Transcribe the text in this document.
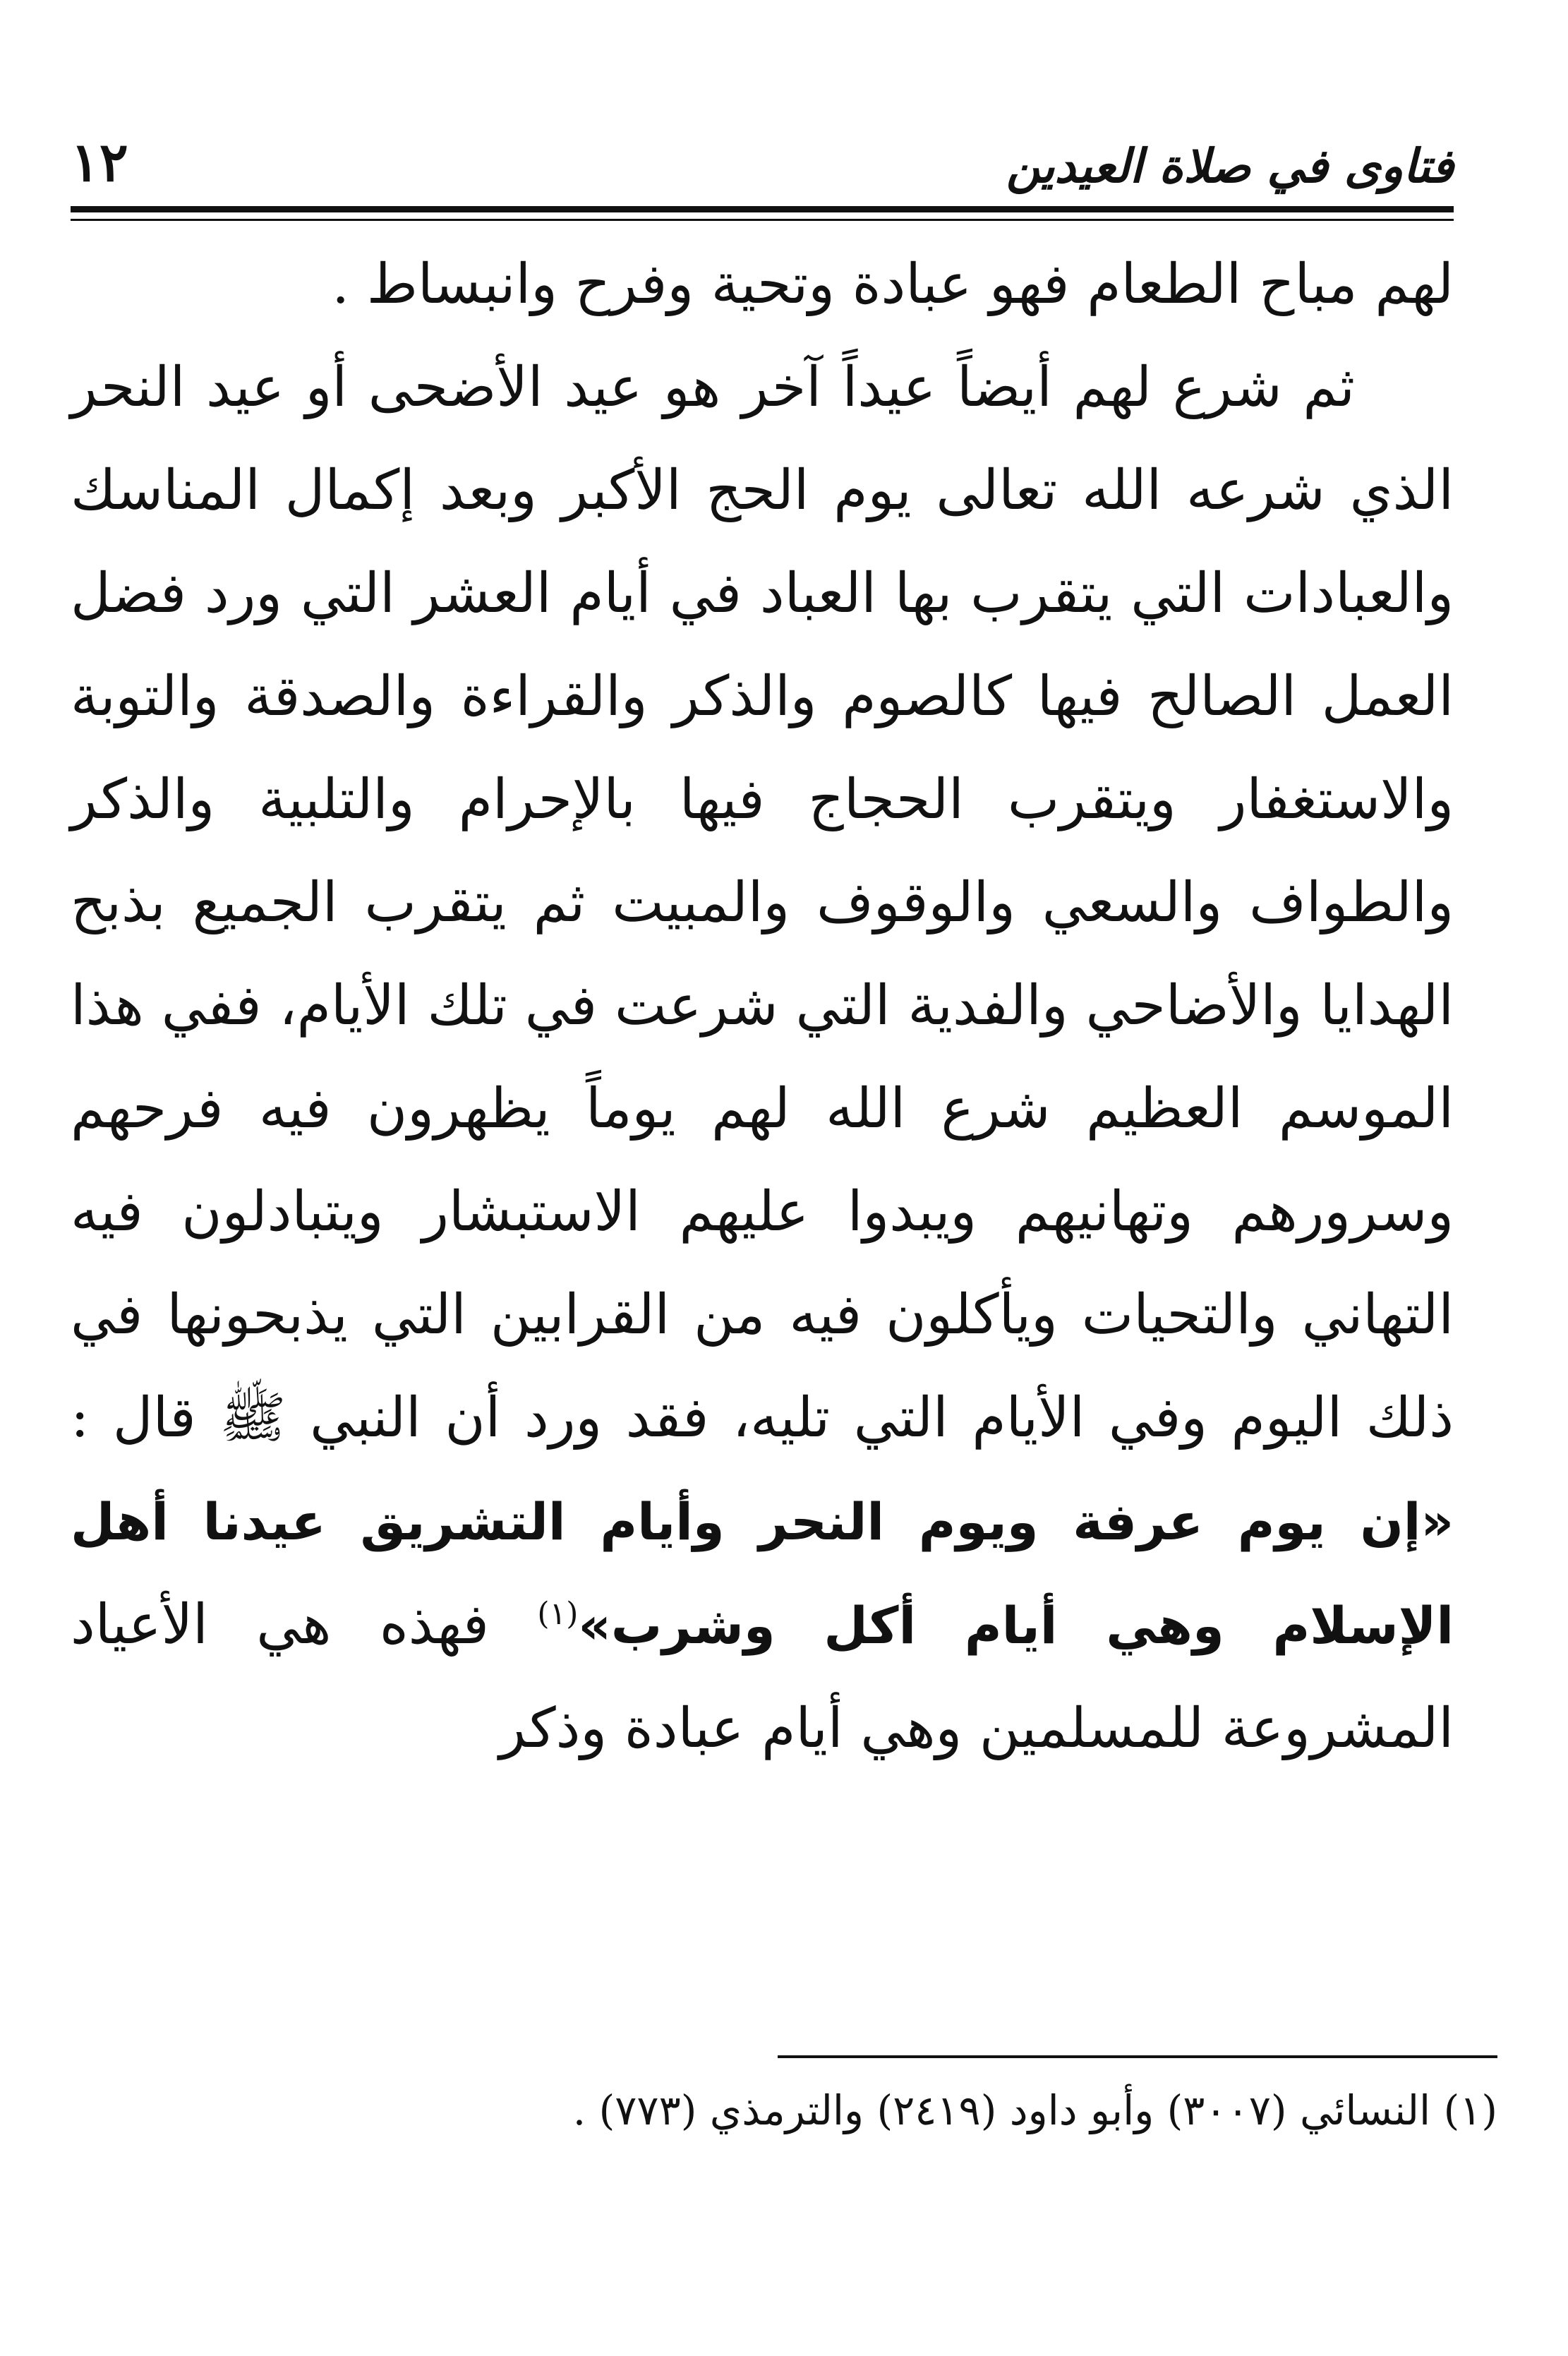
١٢	فتاوى في صلاة العيدين

لهم مباح الطعام فهو عبادة وتحية وفرح وانبساط .

ثم شرع لهم أيضاً عيداً آخر هو عيد الأضحى أو عيد النحر الذي شرعه الله تعالى يوم الحج الأكبر وبعد إكمال المناسك والعبادات التي يتقرب بها العباد في أيام العشر التي ورد فضل العمل الصالح فيها كالصوم والذكر والقراءة والصدقة والتوبة والاستغفار ويتقرب الحجاج فيها بالإحرام والتلبية والذكر والطواف والسعي والوقوف والمبيت ثم يتقرب الجميع بذبح الهدايا والأضاحي والفدية التي شرعت في تلك الأيام، ففي هذا الموسم العظيم شرع الله لهم يوماً يظهرون فيه فرحهم وسرورهم وتهانيهم ويبدوا عليهم الاستبشار ويتبادلون فيه التهاني والتحيات ويأكلون فيه من القرابين التي يذبحونها في ذلك اليوم وفي الأيام التي تليه، فقد ورد أن النبي ﷺ قال : «إن يوم عرفة ويوم النحر وأيام التشريق عيدنا أهل الإسلام وهي أيام أكل وشرب»$^{(١)}$ فهذه هي الأعياد المشروعة للمسلمين وهي أيام عبادة وذكر

(١) النسائي (٣٠٠٧) وأبو داود (٢٤١٩) والترمذي (٧٧٣) .
